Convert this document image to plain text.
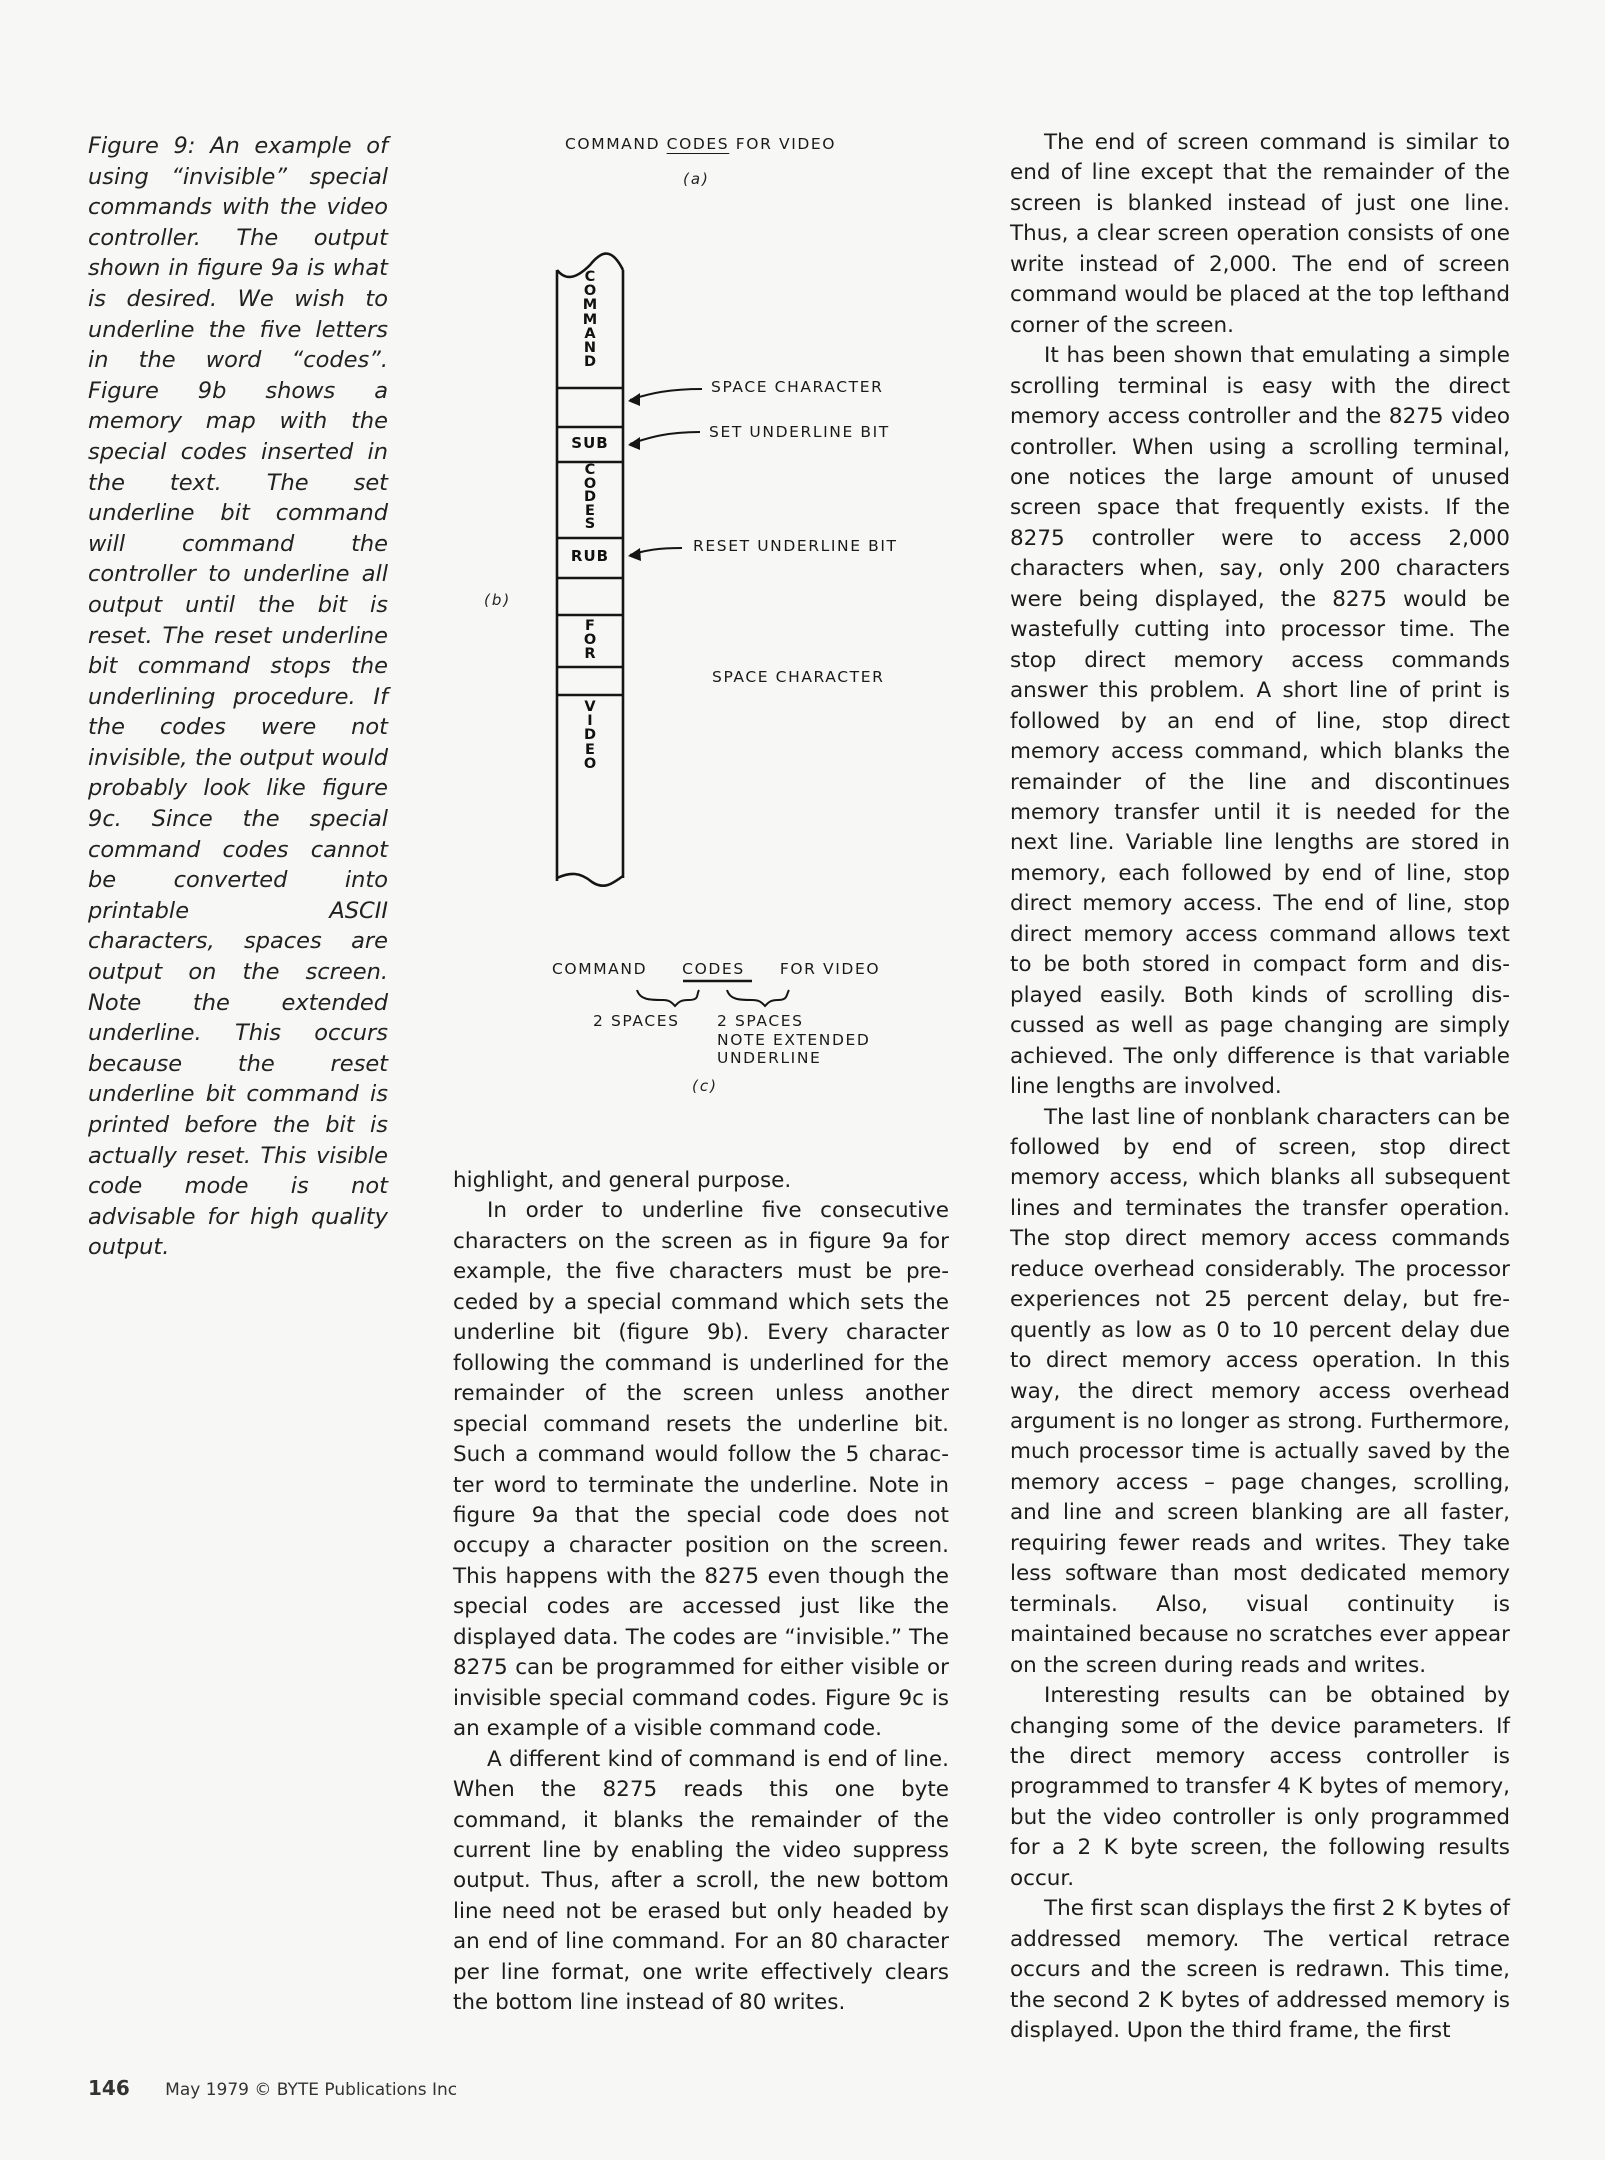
Figure 9: An example of using “invisible” special commands with the video controller. The output shown in figure 9a is what is desired. We wish to underline the five letters in the word “codes”. Figure 9b shows a memory map with the special codes inserted in the text. The set underline bit command will command the controller to underline all output until the bit is reset. The reset underline bit command stops the underlining procedure. If the codes were not invisible, the output would probably look like figure 9c. Since the special command codes cannot be converted into printable ASCII characters, spaces are output on the screen. Note the extended underline. This occurs because the reset underline bit command is printed before the bit is actually reset. This visible code mode is not advisable for high quality output.
COMMAND CODES FOR VIDEO
(a)
C
O
M
M
A
N
D
SUB
C
O
D
E
S
RUB
F
O
R
V
I
D
E
O
SPACE CHARACTER
SET UNDERLINE BIT
RESET UNDERLINE BIT
SPACE CHARACTER
(b)
COMMAND CODES FOR VIDEO
2 SPACES 2 SPACES
NOTE EXTENDED
UNDERLINE
(c)

highlight, and general purpose.

In order to underline five consecutive characters on the screen as in figure 9a for example, the five characters must be preceded by a special command which sets the underline bit (figure 9b). Every character following the command is underlined for the remainder of the screen unless another special command resets the underline bit. Such a command would follow the 5 character word to terminate the underline. Note in figure 9a that the special code does not occupy a character position on the screen. This happens with the 8275 even though the special codes are accessed just like the displayed data. The codes are “invisible.” The 8275 can be programmed for either visible or invisible special command codes. Figure 9c is an example of a visible command code.

A different kind of command is end of line. When the 8275 reads this one byte command, it blanks the remainder of the current line by enabling the video suppress output. Thus, after a scroll, the new bottom line need not be erased but only headed by an end of line command. For an 80 character per line format, one write effectively clears the bottom line instead of 80 writes.

The end of screen command is similar to end of line except that the remainder of the screen is blanked instead of just one line. Thus, a clear screen operation consists of one write instead of 2,000. The end of screen command would be placed at the top lefthand corner of the screen.

It has been shown that emulating a simple scrolling terminal is easy with the direct memory access controller and the 8275 video controller. When using a scrolling terminal, one notices the large amount of unused screen space that frequently exists. If the 8275 controller were to access 2,000 characters when, say, only 200 characters were being displayed, the 8275 would be wastefully cutting into processor time. The stop direct memory access commands answer this problem. A short line of print is followed by an end of line, stop direct memory access command, which blanks the remainder of the line and discontinues memory transfer until it is needed for the next line. Variable line lengths are stored in memory, each followed by end of line, stop direct memory access. The end of line, stop direct memory access command allows text to be both stored in compact form and displayed easily. Both kinds of scrolling discussed as well as page changing are simply achieved. The only difference is that variable line lengths are involved.

The last line of nonblank characters can be followed by end of screen, stop direct memory access, which blanks all subsequent lines and terminates the transfer operation. The stop direct memory access commands reduce overhead considerably. The processor experiences not 25 percent delay, but frequently as low as 0 to 10 percent delay due to direct memory access operation. In this way, the direct memory access overhead argument is no longer as strong. Furthermore, much processor time is actually saved by the memory access – page changes, scrolling, and line and screen blanking are all faster, requiring fewer reads and writes. They take less software than most dedicated memory terminals. Also, visual continuity is maintained because no scratches ever appear on the screen during reads and writes.

Interesting results can be obtained by changing some of the device parameters. If the direct memory access controller is programmed to transfer 4 K bytes of memory, but the video controller is only programmed for a 2 K byte screen, the following results occur.

The first scan displays the first 2 K bytes of addressed memory. The vertical retrace occurs and the screen is redrawn. This time, the second 2 K bytes of addressed memory is displayed. Upon the third frame, the first

146 May 1979 © BYTE Publications Inc
